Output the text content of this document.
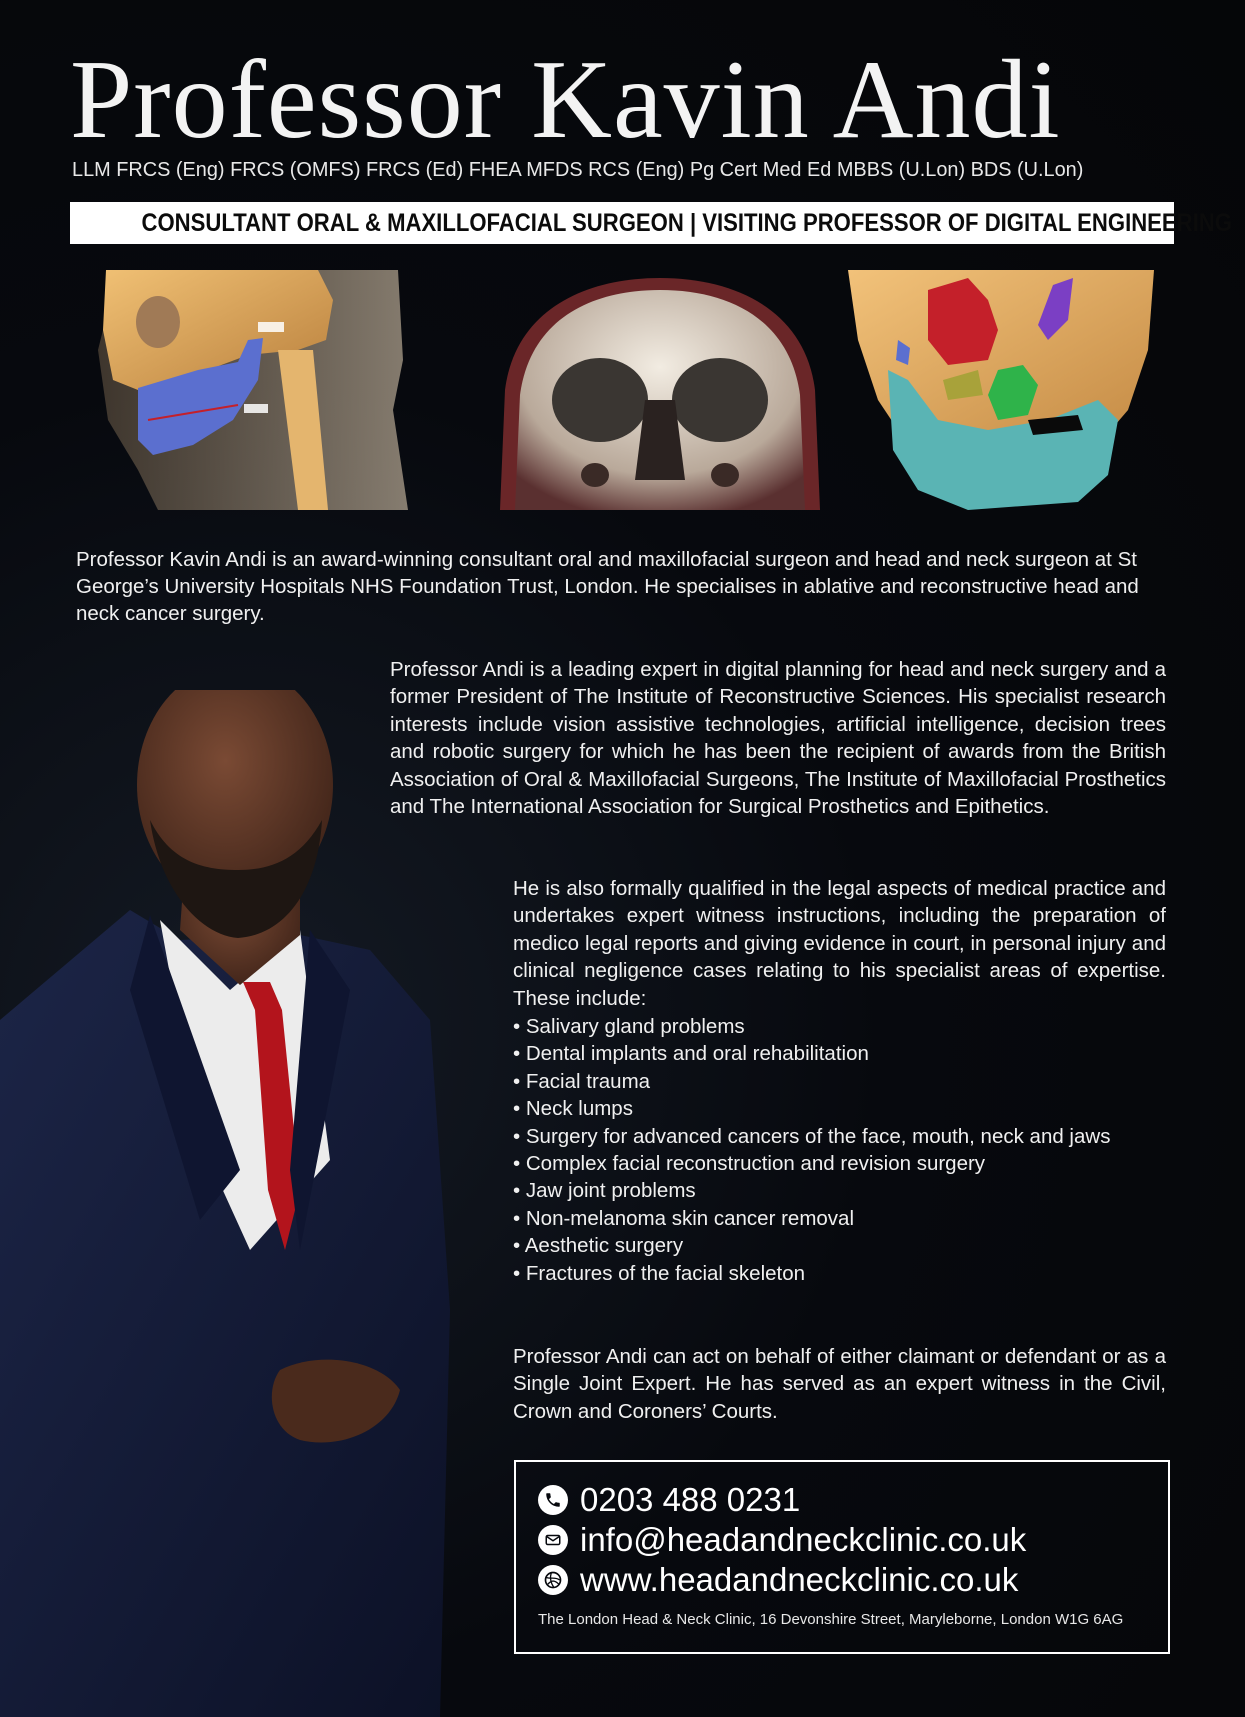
Professor Kavin Andi
LLM FRCS (Eng) FRCS (OMFS) FRCS (Ed) FHEA MFDS RCS (Eng) Pg Cert Med Ed MBBS (U.Lon) BDS (U.Lon)
CONSULTANT ORAL & MAXILLOFACIAL SURGEON | VISITING PROFESSOR OF DIGITAL ENGINEERING
Professor Kavin Andi is an award-winning consultant oral and maxillofacial surgeon and head and neck surgeon at St George’s University Hospitals NHS Foundation Trust, London. He specialises in ablative and reconstructive head and neck cancer surgery.
Professor Andi is a leading expert in digital planning for head and neck surgery and a former President of The Institute of Reconstructive Sciences. His specialist research interests include vision assistive technologies, artificial intelligence, decision trees and robotic surgery for which he has been the recipient of awards from the British Association of Oral & Maxillofacial Surgeons, The Institute of Maxillofacial Prosthetics and The International Association for Surgical Prosthetics and Epithetics.
He is also formally qualified in the legal aspects of medical practice and undertakes expert witness instructions, including the preparation of medico legal reports and giving evidence in court, in personal injury and clinical negligence cases relating to his specialist areas of expertise. These include:
• Salivary gland problems
• Dental implants and oral rehabilitation
• Facial trauma
• Neck lumps
• Surgery for advanced cancers of the face, mouth, neck and jaws
• Complex facial reconstruction and revision surgery
• Jaw joint problems
• Non-melanoma skin cancer removal
• Aesthetic surgery
• Fractures of the facial skeleton
Professor Andi can act on behalf of either claimant or defendant or as a Single Joint Expert. He has served as an expert witness in the Civil, Crown and Coroners’ Courts.
0203 488 0231
info@headandneckclinic.co.uk
www.headandneckclinic.co.uk
The London Head & Neck Clinic, 16 Devonshire Street, Maryleborne, London W1G 6AG
